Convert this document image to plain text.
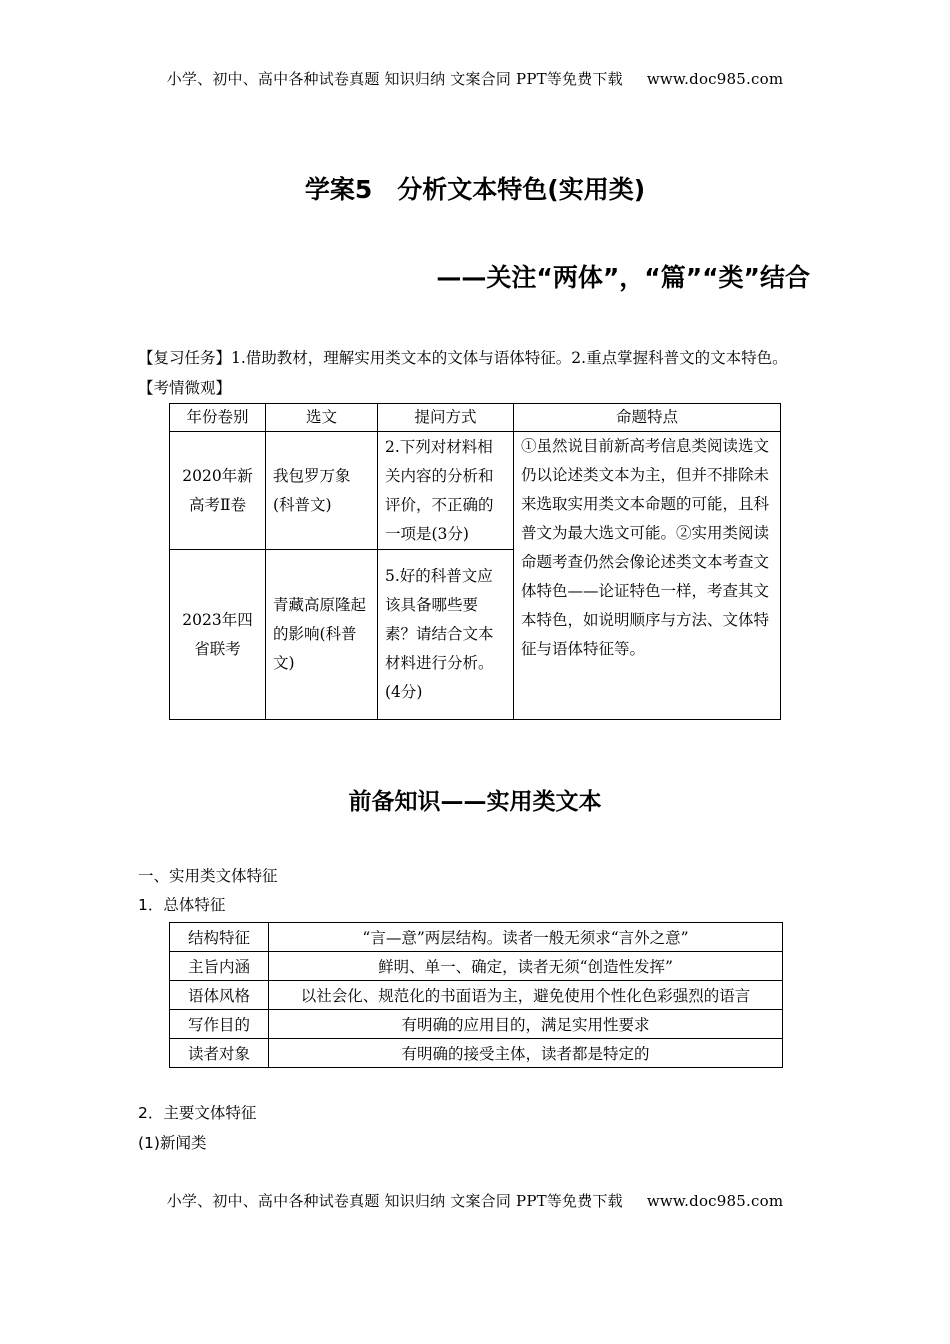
小学、初中、高中各种试卷真题 知识归纳 文案合同 PPT等免费下载 www.doc985.com
学案5　分析文本特色(实用类)
——关注“两体”，“篇”“类”结合
【复习任务】1.借助教材，理解实用类文本的文体与语体特征。2.重点掌握科普文的文本特色。
【考情微观】
年份卷别	选文	提问方式	命题特点
2020年新高考Ⅱ卷	我包罗万象(科普文)	2.下列对材料相关内容的分析和评价，不正确的一项是(3分)	①虽然说目前新高考信息类阅读选文仍以论述类文本为主，但并不排除未来选取实用类文本命题的可能，且科普文为最大选文可能。②实用类阅读命题考查仍然会像论述类文本考查文体特色——论证特色一样，考查其文本特色，如说明顺序与方法、文体特征与语体特征等。
2023年四省联考	青藏高原隆起的影响(科普文)	5.好的科普文应该具备哪些要素？请结合文本材料进行分析。(4分)	
前备知识——实用类文本
一、实用类文体特征
1．总体特征
结构特征	“言—意”两层结构。读者一般无须求“言外之意”
主旨内涵	鲜明、单一、确定，读者无须“创造性发挥”
语体风格	以社会化、规范化的书面语为主，避免使用个性化色彩强烈的语言
写作目的	有明确的应用目的，满足实用性要求
读者对象	有明确的接受主体，读者都是特定的
2．主要文体特征
(1)新闻类
小学、初中、高中各种试卷真题 知识归纳 文案合同 PPT等免费下载 www.doc985.com
